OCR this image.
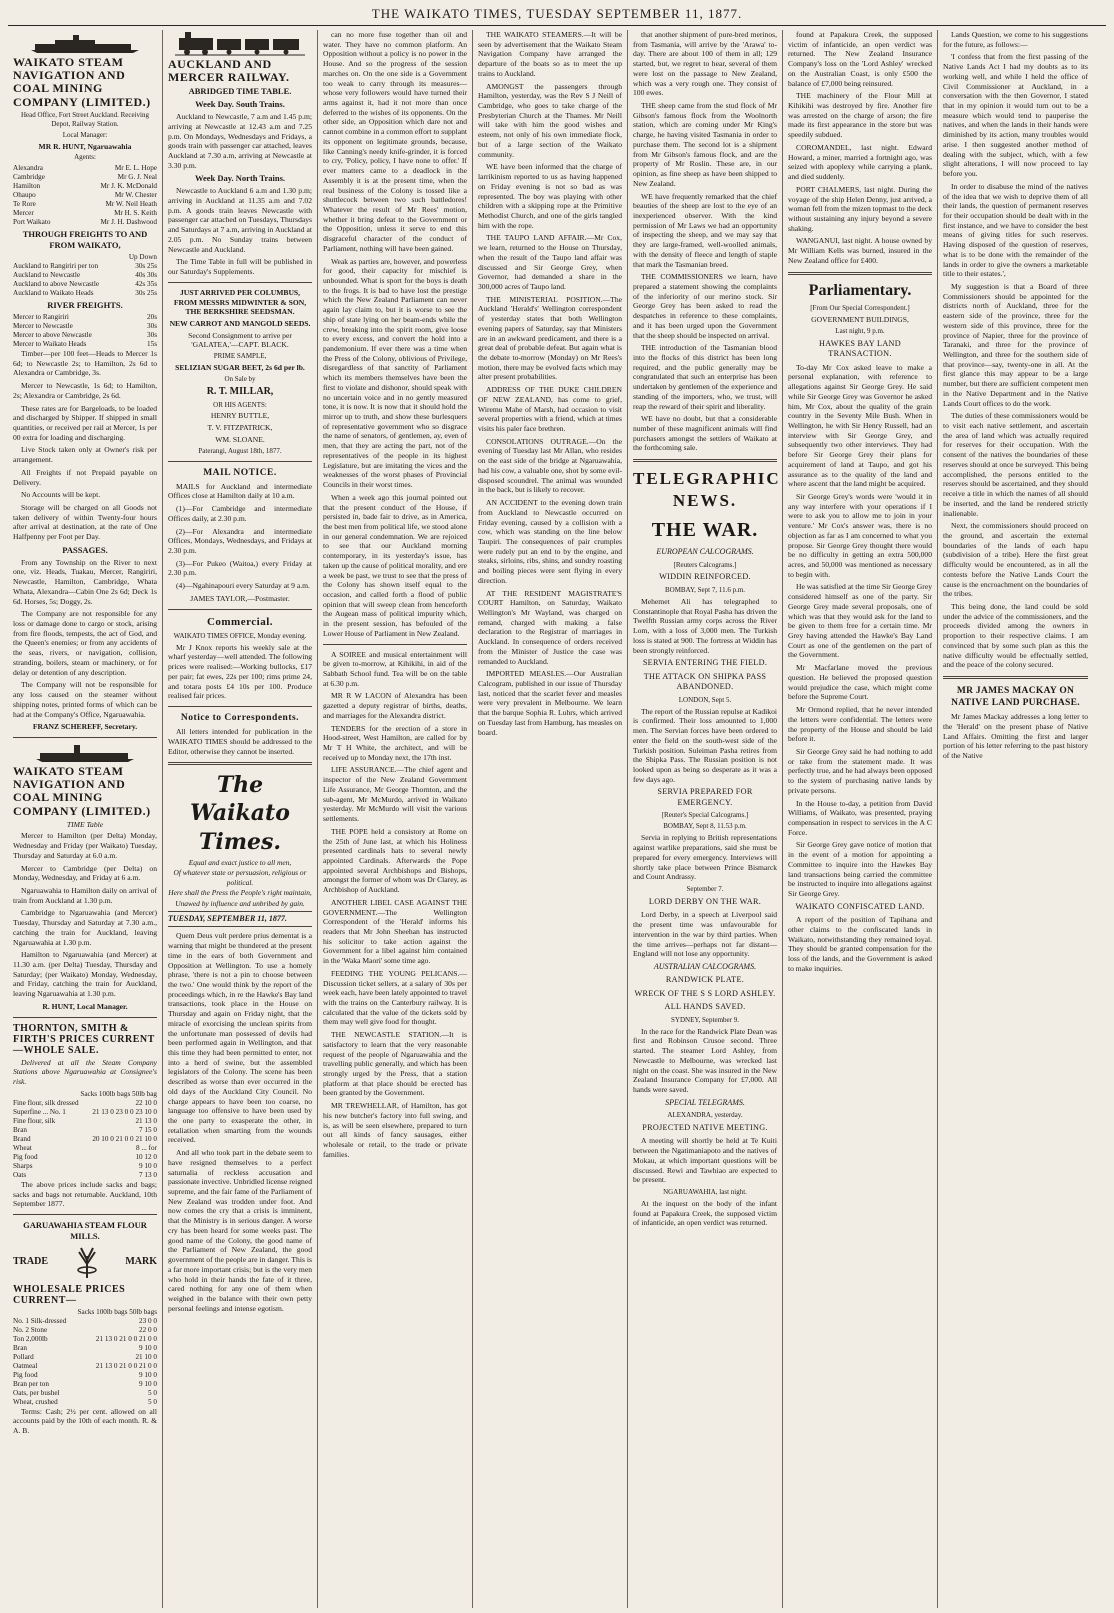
THE WAIKATO TIMES, TUESDAY SEPTEMBER 11, 1877.
WAIKATO STEAM NAVIGATION AND COAL MINING COMPANY (LIMITED.)
Head Office, Fort Street Auckland. Receiving Depot, Railway Station.
Local Manager:
MR R. HUNT, Ngaruawahia
Agents:
Alexandra	Mr E. L. Hope
Cambridge	Mr G. J. Neal
Hamilton	Mr J. K. McDonald
Ohaupo	Mr W. Chester
Te Rore	Mr W. Neil Heath
Mercer	Mr H. S. Keith
Port Waikato	Mr J. H. Dashwood
THROUGH FREIGHTS TO AND FROM WAIKATO,
Up Down
Auckland to Rangiriri per ton	30s 25s
Auckland to Newcastle	40s 30s
Auckland to above Newcastle	42s 35s
Auckland to Waikato Heads	30s 25s
RIVER FREIGHTS.
Mercer to Rangiriri	20s
Mercer to Newcastle	30s
Mercer to above Newcastle	30s
Mercer to Waikato Heads	15s

Timber—per 100 feet—Heads to Mercer 1s 6d; to Newcastle 2s; to Hamilton, 2s 6d to Alexandra or Cambridge, 3s.

Mercer to Newcastle, 1s 6d; to Hamilton, 2s; Alexandra or Cambridge, 2s 6d.

These rates are for Bargeloads, to be loaded and discharged by Shipper. If shipped in small quantities, or received per rail at Mercer, 1s per 00 extra for loading and discharging.

Live Stock taken only at Owner's risk per arrangement.

All Freights if not Prepaid payable on Delivery.

No Accounts will be kept.

Storage will be charged on all Goods not taken delivery of within Twenty-four hours after arrival at destination, at the rate of One Halfpenny per Foot per Day.

PASSAGES.

From any Township on the River to next one, viz. Heads, Tuakau, Mercer, Rangiriri, Newcastle, Hamilton, Cambridge, Whata Whata, Alexandra—Cabin One 2s 6d; Deck 1s 6d. Horses, 5s; Doggy, 2s.

The Company are not responsible for any loss or damage done to cargo or stock, arising from fire floods, tempests, the act of God, and the Queen's enemies; or from any accidents of the seas, rivers, or navigation, collision, stranding, boilers, steam or machinery, or for delay or detention of any description.

The Company will not be responsible for any loss caused on the steamer without shipping notes, printed forms of which can be had at the Company's Office, Ngaruawahia.

FRANZ SCHEREFF, Secretary.
WAIKATO STEAM NAVIGATION AND COAL MINING COMPANY (LIMITED.)
TIME Table

Mercer to Hamilton (per Delta) Monday, Wednesday and Friday (per Waikato) Tuesday, Thursday and Saturday at 6.0 a.m.

Mercer to Cambridge (per Delta) on Monday, Wednesday, and Friday at 6 a.m.

Ngaruawahia to Hamilton daily on arrival of train from Auckland at 1.30 p.m.

Cambridge to Ngaruawahia (and Mercer) Tuesday, Thursday and Saturday at 7.30 a.m., catching the train for Auckland, leaving Ngaruawahia at 1.30 p.m.

Hamilton to Ngaruawahia (and Mercer) at 11.30 a.m. (per Delta) Tuesday, Thursday and Saturday; (per Waikato) Monday, Wednesday, and Friday, catching the train for Auckland, leaving Ngaruawahia at 1.30 p.m.

R. HUNT, Local Manager.
THORNTON, SMITH & FIRTH'S PRICES CURRENT—WHOLE SALE.

Delivered at all the Steam Company Stations above Ngaruawahia at Consignee's risk.

Sacks 100lb bags 50lb bag
Fine flour, silk dressed	22 10 0
Superfine ... No. 1	21 13 0 23 0 0 23 10 0
Fine flour, silk	21 13 0
Bran	7 15 0
Brand	20 10 0 21 0 0 21 10 0
Wheat	8 ... for
Pig food	10 12 0
Sharps	9 10 0
Oats	7 13 0

The above prices include sacks and bags; sacks and bags not returnable. Auckland, 10th September 1877.

GARUAWAHIA STEAM FLOUR MILLS.
TRADE	MARK
WHOLESALE PRICES CURRENT—
Sacks 100lb bags 50lb bags
No. 1 Silk-dressed	23 0 0
No. 2 Stone	22 0 0
Ton 2,000lb	21 13 0 21 0 0 21 0 0
Bran	9 10 0
Pollard	21 10 0
Oatmeal	21 13 0 21 0 0 21 0 0
Pig food	9 10 0
Bran per ton	9 10 0
Oats, per bushel	5 0
Wheat, crushed	5 0

Terms: Cash; 2½ per cent. allowed on all accounts paid by the 10th of each month. R. & A. B.

AUCKLAND AND MERCER RAILWAY.
ABRIDGED TIME TABLE.
Week Day. South Trains.

Auckland to Newcastle, 7 a.m and 1.45 p.m; arriving at Newcastle at 12.43 a.m and 7.25 p.m. On Mondays, Wednesdays and Fridays, a goods train with passenger car attached, leaves Auckland at 7.30 a.m, arriving at Newcastle at 3.30 p.m.

Week Day. North Trains.

Newcastle to Auckland 6 a.m and 1.30 p.m; arriving in Auckland at 11.35 a.m and 7.02 p.m. A goods train leaves Newcastle with passenger car attached on Tuesdays, Thursdays and Saturdays at 7 a.m, arriving in Auckland at 2.05 p.m. No Sunday trains between Newcastle and Auckland.

The Time Table in full will be published in our Saturday's Supplements.

JUST ARRIVED PER COLUMBUS, FROM MESSRS MIDWINTER & SON, THE BERKSHIRE SEEDSMAN.
NEW CARROT AND MANGOLD SEEDS.
Second Consignment to arrive per 'GALATEA,'—CAPT. BLACK.
PRIME SAMPLE,
SELIZIAN SUGAR BEET, 2s 6d per lb.
On Sale by
R. T. MILLAR,
OR HIS AGENTS:
HENRY BUTTLE,
T. V. FITZPATRICK,
WM. SLOANE.
Paterangi, August 18th, 1877.
MAIL NOTICE.

MAILS for Auckland and intermediate Offices close at Hamilton daily at 10 a.m.

(1)—For Cambridge and intermediate Offices daily, at 2.30 p.m.

(2)—For Alexandra and intermediate Offices, Mondays, Wednesdays, and Fridays at 2.30 p.m.

(3)—For Pukeo (Waitoa,) every Friday at 2.30 p.m.

(4)—Ngahinapouri every Saturday at 9 a.m.

JAMES TAYLOR,—Postmaster.
Commercial.
WAIKATO TIMES OFFICE, Monday evening.

Mr J Knox reports his weekly sale at the wharf yesterday—well attended. The following prices were realised:—Working bullocks, £17 per pair; fat ewes, 22s per 100; rims prime 24, and totara posts £4 10s per 100. Produce realised fair prices.

Notice to Correspondents.

All letters intended for publication in the WAIKATO TIMES should be addressed to the Editor, otherwise they cannot be inserted.

The Waikato Times.
Equal and exact justice to all men,
Of whatever state or persuasion, religious or political.
Here shall the Press the People's right maintain,
Unawed by influence and unbribed by gain.
TUESDAY, SEPTEMBER 11, 1877.

Quem Deus vult perdere prius dementat is a warning that might be thundered at the present time in the ears of both Government and Opposition at Wellington. To use a homely phrase, 'there is not a pin to choose between the two.' One would think by the report of the proceedings which, in re the Hawke's Bay land transactions, took place in the House on Thursday and again on Friday night, that the miracle of exorcising the unclean spirits from the unfortunate man possessed of devils had been performed again in Wellington, and that this time they had been permitted to enter, not into a herd of swine, but the assembled legislators of the Colony. The scene has been described as worse than ever occurred in the old days of the Auckland City Council. No charge appears to have been too coarse, no language too offensive to have been used by the one party to exasperate the other, in retaliation when smarting from the wounds received.

And all who took part in the debate seem to have resigned themselves to a perfect saturnalia of reckless accusation and passionate invective. Unbridled license reigned supreme, and the fair fame of the Parliament of New Zealand was trodden under foot. And now comes the cry that a crisis is imminent, that the Ministry is in serious danger. A worse cry has been heard for some weeks past. The good name of the Colony, the good name of the Parliament of New Zealand, the good government of the people are in danger. This is a far more important crisis; but is the very men who hold in their hands the fate of it three, cared nothing for any one of them when weighed in the balance with their own petty personal feelings and intense egotism.

can no more fuse together than oil and water. They have no common platform. An Opposition without a policy is no power in the House. And so the progress of the session marches on. On the one side is a Government too weak to carry through its measures—whose very followers would have turned their arms against it, had it not more than once deferred to the wishes of its opponents. On the other side, an Opposition which dare not and cannot combine in a common effort to supplant its opponent on legitimate grounds, because, like Canning's needy knife-grinder, it is forced to cry, 'Policy, policy, I have none to offer.' If ever matters came to a deadlock in the Assembly it is at the present time, when the real business of the Colony is tossed like a shuttlecock between two such battledores! Whatever the result of Mr Rees' motion, whether it bring defeat to the Government or the Opposition, unless it serve to end this disgraceful character of the conduct of Parliament, nothing will have been gained.

Weak as parties are, however, and powerless for good, their capacity for mischief is unbounded. What is sport for the boys is death to the frogs. It is bad to have lost the prestige which the New Zealand Parliament can never again lay claim to, but it is worse to see the ship of state lying on her beam-ends while the crew, breaking into the spirit room, give loose to every excess, and convert the hold into a pandemonium. If ever there was a time when the Press of the Colony, oblivious of Privilege, disregardless of that sanctity of Parliament which its members themselves have been the first to violate and dishonor, should speak with no uncertain voice and in no gently measured tone, it is now. It is now that it should hold the mirror up to truth, and show these burlesquers of representative government who so disgrace the name of senators, of gentlemen, ay, even of men, that they are acting the part, not of the representatives of the people in its highest Legislature, but are imitating the vices and the weaknesses of the worst phases of Provincial Councils in their worst times.

When a week ago this journal pointed out that the present conduct of the House, if persisted in, bade fair to drive, as in America, the best men from political life, we stood alone in our general condemnation. We are rejoiced to see that our Auckland morning contemporary, in its yesterday's issue, has taken up the cause of political morality, and ere a week be past, we trust to see that the press of the Colony has shown itself equal to the occasion, and called forth a flood of public opinion that will sweep clean from henceforth the Augean mass of political impurity which, in the present session, has befouled of the Lower House of Parliament in New Zealand.

A SOIREE and musical entertainment will be given to-morrow, at Kihikihi, in aid of the Sabbath School fund. Tea will be on the table at 6.30 p.m.

MR R W LACON of Alexandra has been gazetted a deputy registrar of births, deaths, and marriages for the Alexandra district.

TENDERS for the erection of a store in Hood-street, West Hamilton, are called for by Mr T H White, the architect, and will be received up to Monday next, the 17th inst.

LIFE ASSURANCE.—The chief agent and inspector of the New Zealand Government Life Assurance, Mr George Thornton, and the sub-agent, Mr McMurdo, arrived in Waikato yesterday. Mr McMurdo will visit the various settlements.

THE POPE held a consistory at Rome on the 25th of June last, at which his Holiness presented cardinals hats to several newly appointed Cardinals. Afterwards the Pope appointed several Archbishops and Bishops, amongst the former of whom was Dr Clarey, as Archbishop of Auckland.

ANOTHER LIBEL CASE AGAINST THE GOVERNMENT.—The Wellington Correspondent of the 'Herald' informs his readers that Mr John Sheehan has instructed his solicitor to take action against the Government for a libel against him contained in the 'Waka Maori' some time ago.

FEEDING THE YOUNG PELICANS.—Discussion ticket sellers, at a salary of 30s per week each, have been lately appointed to travel with the trains on the Canterbury railway. It is calculated that the value of the tickets sold by them may well give food for thought.

THE NEWCASTLE STATION.—It is satisfactory to learn that the very reasonable request of the people of Ngaruawahia and the travelling public generally, and which has been strongly urged by the Press, that a station platform at that place should be erected has been granted by the Government.

MR TREWHELLAR, of Hamilton, has got his new butcher's factory into full swing, and is, as will be seen elsewhere, prepared to turn out all kinds of fancy sausages, either wholesale or retail, to the trade or private families.

THE WAIKATO STEAMERS.—It will be seen by advertisement that the Waikato Steam Navigation Company have arranged the departure of the boats so as to meet the up trains to Auckland.

AMONGST the passengers through Hamilton, yesterday, was the Rev S J Neill of Cambridge, who goes to take charge of the Presbyterian Church at the Thames. Mr Neill will take with him the good wishes and esteem, not only of his own immediate flock, but of a large section of the Waikato community.

WE have been informed that the charge of larrikinism reported to us as having happened on Friday evening is not so bad as was represented. The boy was playing with other children with a skipping rope at the Primitive Methodist Church, and one of the girls tangled him with the rope.

THE TAUPO LAND AFFAIR.—Mr Cox, we learn, returned to the House on Thursday, when the result of the Taupo land affair was discussed and Sir George Grey, when Governor, had demanded a share in the 300,000 acres of Taupo land.

THE MINISTERIAL POSITION.—The Auckland 'Herald's' Wellington correspondent of yesterday states that both Wellington evening papers of Saturday, say that Ministers are in an awkward predicament, and there is a great deal of probable defeat. But again what is the debate to-morrow (Monday) on Mr Rees's motion, there may be evolved facts which may alter present probabilities.

ADDRESS OF THE DUKE CHILDREN OF NEW ZEALAND, has come to grief, Wiremu Mahe of Marsh, had occasion to visit several properties with a friend, which at times visits his paler face brethren.

CONSOLATIONS OUTRAGE.—On the evening of Tuesday last Mr Allan, who resides on the east side of the bridge at Ngaruawahia, had his cow, a valuable one, shot by some evil-disposed scoundrel. The animal was wounded in the back, but is likely to recover.

AN ACCIDENT to the evening down train from Auckland to Newcastle occurred on Friday evening, caused by a collision with a cow, which was standing on the line below Taupiri. The consequences of pair crumples were rudely put an end to by the engine, and steaks, sirloins, ribs, shins, and sundry roasting and boiling pieces were sent flying in every direction.

AT THE RESIDENT MAGISTRATE'S COURT Hamilton, on Saturday, Waikato Wellington's Mr Wayland, was charged on remand, charged with making a false declaration to the Registrar of marriages in Auckland. In consequence of orders received from the Minister of Justice the case was remanded to Auckland.

IMPORTED MEASLES.—Our Australian Calcogram, published in our issue of Thursday last, noticed that the scarlet fever and measles were very prevalent in Melbourne. We learn that the barque Sophia R. Luhrs, which arrived on Tuesday last from Hamburg, has measles on board.

that another shipment of pure-bred merinos, from Tasmania, will arrive by the 'Arawa' to-day. There are about 100 of them in all; 129 started, but, we regret to hear, several of them were lost on the passage to New Zealand, which was a very rough one. They consist of 100 ewes.

THE sheep came from the stud flock of Mr Gibson's famous flock from the Woolnorth station, which are coming under Mr King's charge, he having visited Tasmania in order to purchase them. The second lot is a shipment from Mr Gibson's famous flock, and are the property of Mr Roslin. These are, in our opinion, as fine sheep as have been shipped to New Zealand.

WE have frequently remarked that the chief beauties of the sheep are lost to the eye of an inexperienced observer. With the kind permission of Mr Laws we had an opportunity of inspecting the sheep, and we may say that they are large-framed, well-woolled animals, with the density of fleece and length of staple that mark the Tasmanian breed.

THE COMMISSIONERS we learn, have prepared a statement showing the complaints of the inferiority of our merino stock. Sir George Grey has been asked to read the despatches in reference to these complaints, and it has been urged upon the Government that the sheep should be inspected on arrival.

THE introduction of the Tasmanian blood into the flocks of this district has been long required, and the public generally may be congratulated that such an enterprise has been undertaken by gentlemen of the experience and standing of the importers, who, we trust, will reap the reward of their spirit and liberality.

WE have no doubt, but that a considerable number of these magnificent animals will find purchasers amongst the settlers of Waikato at the forthcoming sale.

TELEGRAPHIC NEWS.
THE WAR.
EUROPEAN CALCOGRAMS.
[Reuters Calcograms.]
WIDDIN REINFORCED.
BOMBAY, Sept 7, 11.6 p.m.

Mehemet Ali has telegraphed to Constantinople that Royal Pasha has driven the Twelfth Russian army corps across the River Lom, with a loss of 3,000 men. The Turkish loss is stated at 900. The fortress at Widdin has been strongly reinforced.

SERVIA ENTERING THE FIELD.
THE ATTACK ON SHIPKA PASS ABANDONED.
LONDON, Sept 5.

The report of the Russian repulse at Kadikoi is confirmed. Their loss amounted to 1,000 men. The Servian forces have been ordered to enter the field on the south-west side of the Turkish position. Suleiman Pasha retires from the Shipka Pass. The Russian position is not looked upon as being so desperate as it was a few days ago.

SERVIA PREPARED FOR EMERGENCY.
[Reuter's Special Calcograms.]
BOMBAY, Sept 8, 11.53 p.m.

Servia in replying to British representations against warlike preparations, said she must be prepared for every emergency. Interviews will shortly take place between Prince Bismarck and Count Andrassy.

September 7.
LORD DERBY ON THE WAR.

Lord Derby, in a speech at Liverpool said the present time was unfavourable for intervention in the war by third parties. When the time arrives—perhaps not far distant—England will not lose any opportunity.

AUSTRALIAN CALCOGRAMS.
RANDWICK PLATE.
WRECK OF THE S S LORD ASHLEY.
ALL HANDS SAVED.
SYDNEY, September 9.

In the race for the Randwick Plate Dean was first and Robinson Crusoe second. Three started. The steamer Lord Ashley, from Newcastle to Melbourne, was wrecked last night on the coast. She was insured in the New Zealand Insurance Company for £7,000. All hands were saved.

SPECIAL TELEGRAMS.
ALEXANDRA, yesterday.
PROJECTED NATIVE MEETING.

A meeting will shortly be held at Te Kuiti between the Ngatimaniapoto and the natives of Mokau, at which important questions will be discussed. Rewi and Tawhiao are expected to be present.

NGARUAWAHIA, last night.

At the inquest on the body of the infant found at Papakura Creek, the supposed victim of infanticide, an open verdict was returned.

found at Papakura Creek, the supposed victim of infanticide, an open verdict was returned. The New Zealand Insurance Company's loss on the 'Lord Ashley' wrecked on the Australian Coast, is only £500 the balance of £7,000 being reinsured.

THE machinery of the Flour Mill at Kihikihi was destroyed by fire. Another fire was arrested on the charge of arson; the fire made its first appearance in the store but was speedily subdued.

COROMANDEL, last night. Edward Howard, a miner, married a fortnight ago, was seized with apoplexy while carrying a plank, and died suddenly.

PORT CHALMERS, last night. During the voyage of the ship Helen Denny, just arrived, a woman fell from the mizen topmast to the deck without sustaining any injury beyond a severe shaking.

WANGANUI, last night. A house owned by Mr William Kells was burned, insured in the New Zealand office for £400.

Parliamentary.
[From Our Special Correspondent.]
GOVERNMENT BUILDINGS,
Last night, 9 p.m.
HAWKES BAY LAND TRANSACTION.

To-day Mr Cox asked leave to make a personal explanation, with reference to allegations against Sir George Grey. He said while Sir George Grey was Governor he asked him, Mr Cox, about the quality of the grain country in the Seventy Mile Bush. When in Wellington, he with Sir Henry Russell, had an interview with Sir George Grey, and subsequently two other interviews. They had before Sir George Grey their plans for acquirement of land at Taupo, and got his assurance as to the quality of the land and where ascent that the land might be acquired.

Sir George Grey's words were 'would it in any way interfere with your operations if I were to ask you to allow me to join in your venture.' Mr Cox's answer was, there is no objection as far as I am concerned to what you propose. Sir George Grey thought there would be no difficulty in getting an extra 500,000 acres, and 50,000 was mentioned as necessary to begin with.

He was satisfied at the time Sir George Grey considered himself as one of the party. Sir George Grey made several proposals, one of which was that they would ask for the land to be given to them free for a certain time. Mr Grey having attended the Hawke's Bay Land Court as one of the gentlemen on the part of the Government.

Mr Macfarlane moved the previous question. He believed the proposed question would prejudice the case, which might come before the Supreme Court.

Mr Ormond replied, that he never intended the letters were confidential. The letters were the property of the House and should be laid before it.

Sir George Grey said he had nothing to add or take from the statement made. It was perfectly true, and he had always been opposed to the system of purchasing native lands by private persons.

In the House to-day, a petition from David Williams, of Waikato, was presented, praying compensation in respect to services in the A C Force.

Sir George Grey gave notice of motion that in the event of a motion for appointing a Committee to inquire into the Hawkes Bay land transactions being carried the committee be instructed to inquire into allegations against Sir George Grey.

WAIKATO CONFISCATED LAND.

A report of the position of Tapihana and other claims to the confiscated lands in Waikato, notwithstanding they remained loyal. They should be granted compensation for the loss of the lands, and the Government is asked to make inquiries.

Lands Question, we come to his suggestions for the future, as follows:—

'I confess that from the first passing of the Native Lands Act I had my doubts as to its working well, and while I held the office of Civil Commissioner at Auckland, in a conversation with the then Governor, I stated that in my opinion it would turn out to be a measure which would tend to pauperise the natives, and when the lands in their hands were diminished by its action, many troubles would arise. I then suggested another method of dealing with the subject, which, with a few slight alterations, I will now proceed to lay before you.

In order to disabuse the mind of the natives of the idea that we wish to deprive them of all their lands, the question of permanent reserves for their occupation should be dealt with in the first instance, and we have to consider the best means of giving titles for such reserves. Having disposed of the question of reserves, what is to be done with the remainder of the lands in order to give the owners a marketable title to their estates.',

My suggestion is that a Board of three Commissioners should be appointed for the districts north of Auckland, three for the eastern side of the province, three for the western side of this province, three for the province of Napier, three for the province of Taranaki, and three for the province of Wellington, and three for the southern side of that province—say, twenty-one in all. At the first glance this may appear to be a large number, but there are sufficient competent men in the Native Department and in the Native Lands Court offices to do the work.

The duties of these commissioners would be to visit each native settlement, and ascertain the area of land which was actually required for reserves for their occupation. With the consent of the natives the boundaries of these reserves should at once be surveyed. This being accomplished, the persons entitled to the reserves should be ascertained, and they should receive a title in which the names of all should be inserted, and the land be rendered strictly inalienable.

Next, the commissioners should proceed on the ground, and ascertain the external boundaries of the lands of each hapu (subdivision of a tribe). Here the first great difficulty would be encountered, as in all the contests before the Native Lands Court the cause is the encroachment on the boundaries of the tribes.

This being done, the land could be sold under the advice of the commissioners, and the proceeds divided among the owners in proportion to their respective claims. I am convinced that by some such plan as this the native difficulty would be effectually settled, and the peace of the colony secured.

MR JAMES MACKAY ON NATIVE LAND PURCHASE.

Mr James Mackay addresses a long letter to the 'Herald' on the present phase of Native Land Affairs. Omitting the first and larger portion of his letter referring to the past history of the Native
